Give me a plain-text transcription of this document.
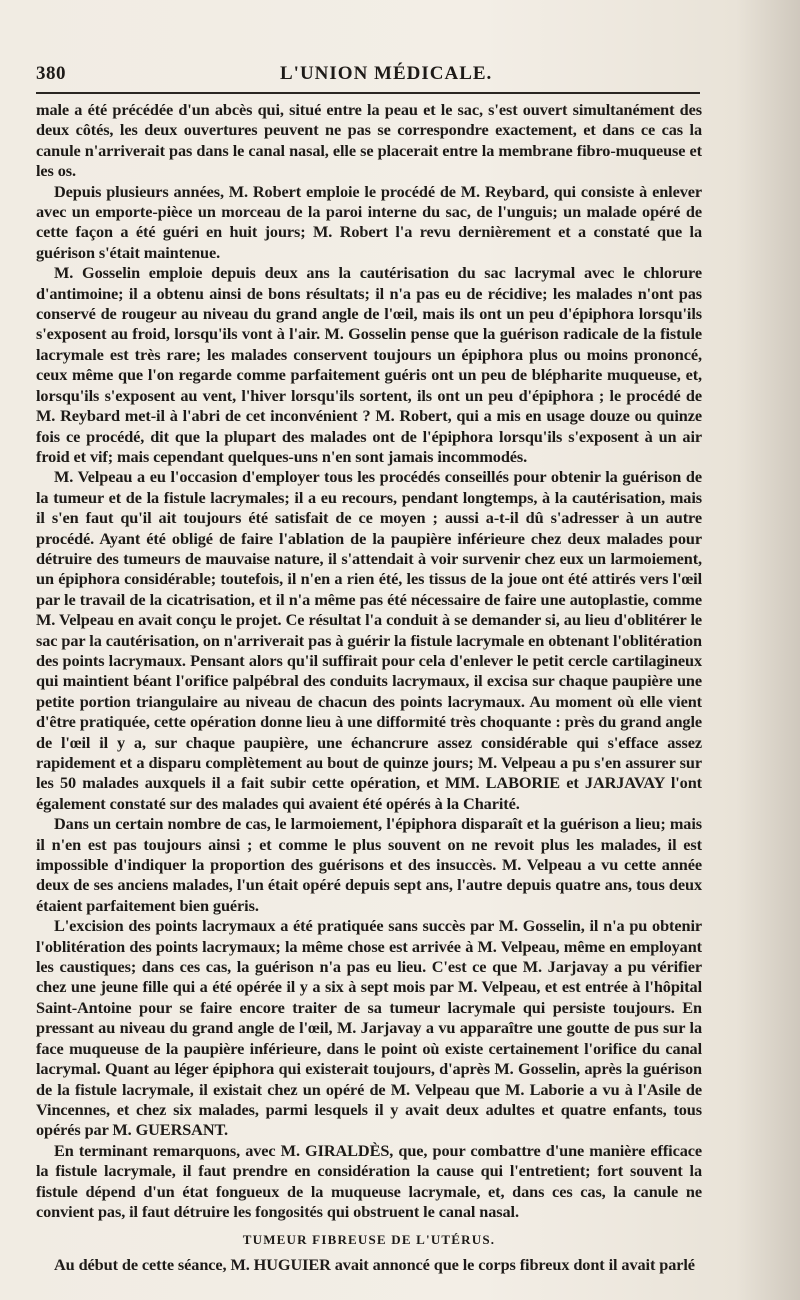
380	L'UNION MÉDICALE.

male a été précédée d'un abcès qui, situé entre la peau et le sac, s'est ouvert simultanément des deux côtés, les deux ouvertures peuvent ne pas se correspondre exactement, et dans ce cas la canule n'arriverait pas dans le canal nasal, elle se placerait entre la membrane fibro-muqueuse et les os.

Depuis plusieurs années, M. Robert emploie le procédé de M. Reybard, qui consiste à enlever avec un emporte-pièce un morceau de la paroi interne du sac, de l'unguis; un malade opéré de cette façon a été guéri en huit jours; M. Robert l'a revu dernièrement et a constaté que la guérison s'était maintenue.

M. Gosselin emploie depuis deux ans la cautérisation du sac lacrymal avec le chlorure d'antimoine; il a obtenu ainsi de bons résultats; il n'a pas eu de récidive; les malades n'ont pas conservé de rougeur au niveau du grand angle de l'œil, mais ils ont un peu d'épiphora lorsqu'ils s'exposent au froid, lorsqu'ils vont à l'air. M. Gosselin pense que la guérison radicale de la fistule lacrymale est très rare; les malades conservent toujours un épiphora plus ou moins prononcé, ceux même que l'on regarde comme parfaitement guéris ont un peu de blépharite muqueuse, et, lorsqu'ils s'exposent au vent, l'hiver lorsqu'ils sortent, ils ont un peu d'épiphora ; le procédé de M. Reybard met-il à l'abri de cet inconvénient ? M. Robert, qui a mis en usage douze ou quinze fois ce procédé, dit que la plupart des malades ont de l'épiphora lorsqu'ils s'exposent à un air froid et vif; mais cependant quelques-uns n'en sont jamais incommodés.

M. Velpeau a eu l'occasion d'employer tous les procédés conseillés pour obtenir la guérison de la tumeur et de la fistule lacrymales; il a eu recours, pendant longtemps, à la cautérisation, mais il s'en faut qu'il ait toujours été satisfait de ce moyen ; aussi a-t-il dû s'adresser à un autre procédé. Ayant été obligé de faire l'ablation de la paupière inférieure chez deux malades pour détruire des tumeurs de mauvaise nature, il s'attendait à voir survenir chez eux un larmoiement, un épiphora considérable; toutefois, il n'en a rien été, les tissus de la joue ont été attirés vers l'œil par le travail de la cicatrisation, et il n'a même pas été nécessaire de faire une autoplastie, comme M. Velpeau en avait conçu le projet. Ce résultat l'a conduit à se demander si, au lieu d'oblitérer le sac par la cautérisation, on n'arriverait pas à guérir la fistule lacrymale en obtenant l'oblitération des points lacrymaux. Pensant alors qu'il suffirait pour cela d'enlever le petit cercle cartilagineux qui maintient béant l'orifice palpébral des conduits lacrymaux, il excisa sur chaque paupière une petite portion triangulaire au niveau de chacun des points lacrymaux. Au moment où elle vient d'être pratiquée, cette opération donne lieu à une difformité très choquante : près du grand angle de l'œil il y a, sur chaque paupière, une échancrure assez considérable qui s'efface assez rapidement et a disparu complètement au bout de quinze jours; M. Velpeau a pu s'en assurer sur les 50 malades auxquels il a fait subir cette opération, et MM. LABORIE et JARJAVAY l'ont également constaté sur des malades qui avaient été opérés à la Charité.

Dans un certain nombre de cas, le larmoiement, l'épiphora disparaît et la guérison a lieu; mais il n'en est pas toujours ainsi ; et comme le plus souvent on ne revoit plus les malades, il est impossible d'indiquer la proportion des guérisons et des insuccès. M. Velpeau a vu cette année deux de ses anciens malades, l'un était opéré depuis sept ans, l'autre depuis quatre ans, tous deux étaient parfaitement bien guéris.

L'excision des points lacrymaux a été pratiquée sans succès par M. Gosselin, il n'a pu obtenir l'oblitération des points lacrymaux; la même chose est arrivée à M. Velpeau, même en employant les caustiques; dans ces cas, la guérison n'a pas eu lieu. C'est ce que M. Jarjavay a pu vérifier chez une jeune fille qui a été opérée il y a six à sept mois par M. Velpeau, et est entrée à l'hôpital Saint-Antoine pour se faire encore traiter de sa tumeur lacrymale qui persiste toujours. En pressant au niveau du grand angle de l'œil, M. Jarjavay a vu apparaître une goutte de pus sur la face muqueuse de la paupière inférieure, dans le point où existe certainement l'orifice du canal lacrymal. Quant au léger épiphora qui existerait toujours, d'après M. Gosselin, après la guérison de la fistule lacrymale, il existait chez un opéré de M. Velpeau que M. Laborie a vu à l'Asile de Vincennes, et chez six malades, parmi lesquels il y avait deux adultes et quatre enfants, tous opérés par M. GUERSANT.

En terminant remarquons, avec M. GIRALDÈS, que, pour combattre d'une manière efficace la fistule lacrymale, il faut prendre en considération la cause qui l'entretient; fort souvent la fistule dépend d'un état fongueux de la muqueuse lacrymale, et, dans ces cas, la canule ne convient pas, il faut détruire les fongosités qui obstruent le canal nasal.

TUMEUR FIBREUSE DE L'UTÉRUS.

Au début de cette séance, M. HUGUIER avait annoncé que le corps fibreux dont il avait parlé
